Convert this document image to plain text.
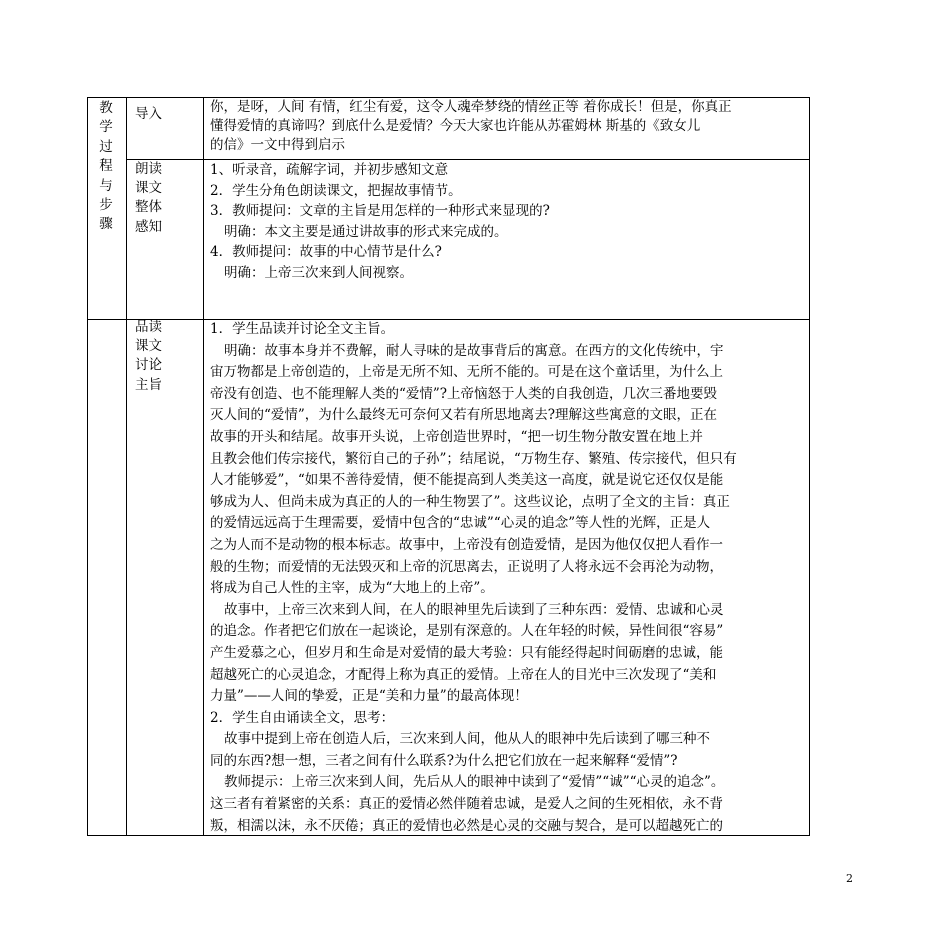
教
学
过
程
与
步
骤
导入	你，是呀，人间 有情，红尘有爱，这令人魂牵梦绕的情丝正等 着你成长！但是，你真正
懂得爱情的真谛吗？到底什么是爱情？今天大家也许能从苏霍姆林 斯基的《致女儿
的信》一文中得到启示
朗读
课文
整体
感知
1、听录音，疏解字词，并初步感知文意
2．学生分角色朗读课文，把握故事情节。
3．教师提问：文章的主旨是用怎样的一种形式来显现的?
明确：本文主要是通过讲故事的形式来完成的。
4．教师提问：故事的中心情节是什么?
明确：上帝三次来到人间视察。
品读
课文
讨论
主旨
1．学生品读并讨论全文主旨。
明确：故事本身并不费解，耐人寻味的是故事背后的寓意。在西方的文化传统中，宇
宙万物都是上帝创造的，上帝是无所不知、无所不能的。可是在这个童话里，为什么上
帝没有创造、也不能理解人类的“爱情”?上帝恼怒于人类的自我创造，几次三番地要毁
灭人间的“爱情”，为什么最终无可奈何又若有所思地离去?理解这些寓意的文眼，正在
故事的开头和结尾。故事开头说，上帝创造世界时，“把一切生物分散安置在地上并
且教会他们传宗接代，繁衍自己的子孙”；结尾说，“万物生存、繁殖、传宗接代，但只有
人才能够爱”，“如果不善待爱情，便不能提高到人类美这一高度，就是说它还仅仅是能
够成为人、但尚未成为真正的人的一种生物罢了”。这些议论，点明了全文的主旨：真正
的爱情远远高于生理需要，爱情中包含的“忠诚”“心灵的追念”等人性的光辉，正是人
之为人而不是动物的根本标志。故事中，上帝没有创造爱情，是因为他仅仅把人看作一
般的生物；而爱情的无法毁灭和上帝的沉思离去，正说明了人将永远不会再沦为动物，
将成为自己人性的主宰，成为“大地上的上帝”。
故事中，上帝三次来到人间，在人的眼神里先后读到了三种东西：爱情、忠诚和心灵
的追念。作者把它们放在一起谈论，是别有深意的。人在年轻的时候，异性间很“容易”
产生爱慕之心，但岁月和生命是对爱情的最大考验：只有能经得起时间砺磨的忠诚，能
超越死亡的心灵追念，才配得上称为真正的爱情。上帝在人的目光中三次发现了“美和
力量”——人间的挚爱，正是“美和力量”的最高体现！
2．学生自由诵读全文，思考：
故事中提到上帝在创造人后，三次来到人间，他从人的眼神中先后读到了哪三种不
同的东西?想一想，三者之间有什么联系?为什么把它们放在一起来解释“爱情”?
教师提示：上帝三次来到人间，先后从人的眼神中读到了“爱情”“诚”“心灵的追念”。
这三者有着紧密的关系：真正的爱情必然伴随着忠诚，是爱人之间的生死相依，永不背
叛，相濡以沫，永不厌倦；真正的爱情也必然是心灵的交融与契合，是可以超越死亡的
2
